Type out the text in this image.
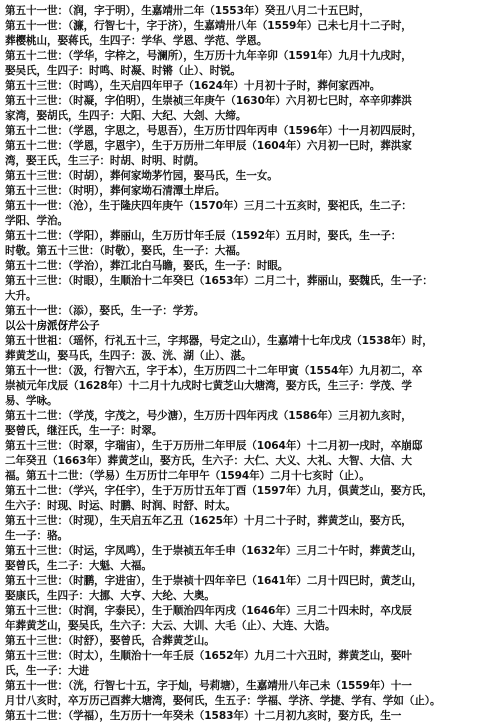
第五十一世：（润，字于明），生嘉靖卅二年（1553年）癸丑八月二十五巳时，
第五十一世：（濂，行智七十，字于济），生嘉靖卅八年（1559年）己未七月十二子时，
葬樱桃山，娶蒋氏，生四子：学华、学恩、学范、学恩。
第五十二世：（学华，字梓之，号澜所），生万历十九年辛卯（1591年）九月十九戌时，
娶吴氏，生四子：时鸣、时凝、时锵（止）、时锐。
第五十三世：（时鸣），生天启四年甲子（1624年）十月初十子时，葬何家西冲。
第五十三世：（时凝，字伯明），生崇祯三年庚午（1630年）六月初七巳时，卒辛卯葬洪
家湾，娶胡氏，生四子：大阳、大纪、大刽、大缔。
第五十二世：（学恩，字思之，号思吾），生万历廿四年丙申（1596年）十一月初四辰时，
第五十二世：（学恩，字恩宇），生于万历卅二年甲辰（1604年）六月初一巳时，葬洪家
湾，娶王氏，生三子：时胡、时明、时荫。
第五十三世：（时胡），葬何家坳茅竹园，娶马氏，生一女。
第五十三世：（时明），葬何家坳石清潭土岸后。
第五十一世：（沧），生于隆庆四年庚午（1570年）三月二十五亥时，娶祀氏，生二子：
学阳、学治。
第五十二世：（学阳），葬丽山，生万历廿年壬辰（1592年）五月时，娶氏，生一子：
时敬。第五十三世：（时敬），娶氏，生一子：大福。
第五十二世：（学治），葬江北白马瞻，娶氏，生一子：时眼。
第五十三世：（时眼），生顺治十二年癸巳（1653年）二月二十，葬丽山，娶魏氏，生一子：
大升。
第五十一世：（添），娶氏，生一子：学芳。
以公十房派伢芹公子
第五十世祖：（瑶怀，行礼五十三，字邦器，号定之山），生嘉靖十七年戊戌（1538年）时，
葬黄芝山，娶马氏，生四子：汲、洸、湖（止）、湛。
第五十一世：（汲，行智六五，字于本），生万历四二十二年甲寅（1554年）九月初二，卒
崇祯元年戊辰（1628年）十二月十九戌时七黄芝山大塘湾，娶方氏，生三子：学茂、学
易、学咏。
第五十二世：（学茂，字茂之，号少溏），生万历十四年丙戌（1586年）三月初九亥时，
娶曾氏，继汪氏，生一子：时翠。
第五十三世：（时翠，字瑞宙），生于万历卅二年甲辰（1064年）十二月初一戌时，卒崩邸
二年癸丑（1663年）葬黄芝山，娶方氏，生六子：大仁、大义、大礼、大智、大信、大
福。第五十二世：（学易）生万历廿二年甲午（1594年）二月十七亥时（止）。
第五十二世：（学兴，字任宇），生于万历廿五年丁酉（1597年）九月，俱黄芝山，娶方氏，
生六子：时现、时运、时鹏、时润、时舒、时太。
第五十三世：（时现），生天启五年乙丑（1625年）十月二十子时，葬黄芝山，娶方氏，
生一子：骆。
第五十三世：（时运，字凤鸣），生于崇祯五年壬申（1632年）三月二十午时，葬黄芝山，
娶曾氏，生二子：大魁、大福。
第五十三世：（时鹏，字进宙），生于崇祯十四年辛巳（1641年）二月十四巳时，黄芝山，
娶康氏，生四子：大挪、大亨、大纶、大奥。
第五十三世：（时润，字泰民），生于顺治四年丙戌（1646年）三月二十四未时，卒戊辰
年葬黄芝山，娶吴氏，生六子：大云、大训、大毛（止）、大连、大诰。
第五十三世：（时舒），娶曾氏，合葬黄芝山。
第五十三世：（时太），生顺治十一年壬辰（1652年）九月二十六丑时，葬黄芝山，娶叶
氏，生一子：大进
第五十一世：（洸，行智七十五，字于灿，号莉塘），生嘉靖卅八年己未（1559年）十一
月廿八亥时，卒万历己酉葬大塘湾，娶何氏，生五子：学福、学济、学捷、学有、学如（止）。
第五十二世：（学福），生万历十一年癸未（1583年）十二月初九亥时，娶方氏，生一
